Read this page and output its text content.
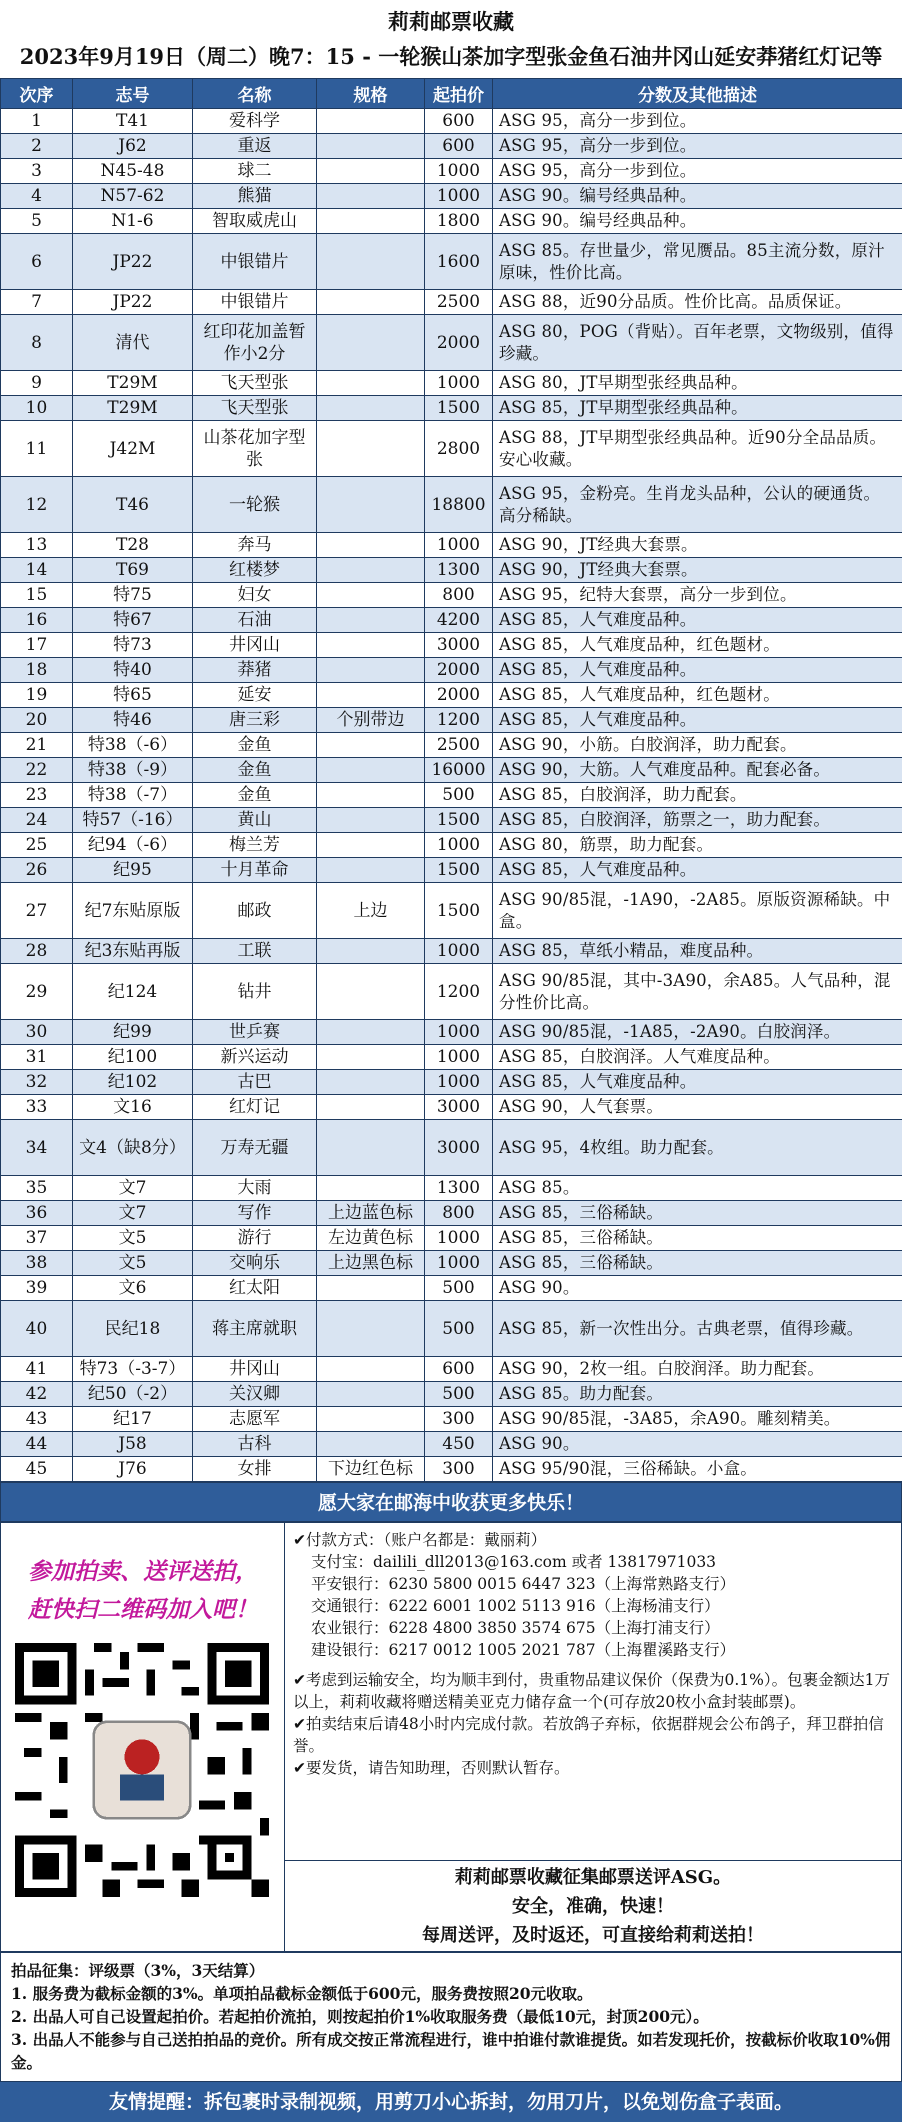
莉莉邮票收藏
2023年9月19日（周二）晚7：15 - 一轮猴山茶加字型张金鱼石油井冈山延安莽猪红灯记等
次序	志号	名称	规格	起拍价	分数及其他描述
1	T41	爱科学		600	ASG 95，高分一步到位。
2	J62	重返		600	ASG 95，高分一步到位。
3	N45-48	球二		1000	ASG 95，高分一步到位。
4	N57-62	熊猫		1000	ASG 90。编号经典品种。
5	N1-6	智取威虎山		1800	ASG 90。编号经典品种。
6	JP22	中银错片		1600	ASG 85。存世量少，常见赝品。85主流分数，原汁原味，性价比高。
7	JP22	中银错片		2500	ASG 88，近90分品质。性价比高。品质保证。
8	清代	红印花加盖暂作小2分		2000	ASG 80，POG（背贴）。百年老票，文物级别，值得珍藏。
9	T29M	飞天型张		1000	ASG 80，JT早期型张经典品种。
10	T29M	飞天型张		1500	ASG 85，JT早期型张经典品种。
11	J42M	山茶花加字型张		2800	ASG 88，JT早期型张经典品种。近90分全品品质。安心收藏。
12	T46	一轮猴		18800	ASG 95，金粉亮。生肖龙头品种，公认的硬通货。高分稀缺。
13	T28	奔马		1000	ASG 90，JT经典大套票。
14	T69	红楼梦		1300	ASG 90，JT经典大套票。
15	特75	妇女		800	ASG 95，纪特大套票，高分一步到位。
16	特67	石油		4200	ASG 85，人气难度品种。
17	特73	井冈山		3000	ASG 85，人气难度品种，红色题材。
18	特40	莽猪		2000	ASG 85，人气难度品种。
19	特65	延安		2000	ASG 85，人气难度品种，红色题材。
20	特46	唐三彩	个别带边	1200	ASG 85，人气难度品种。
21	特38（-6）	金鱼		2500	ASG 90，小筋。白胶润泽，助力配套。
22	特38（-9）	金鱼		16000	ASG 90，大筋。人气难度品种。配套必备。
23	特38（-7）	金鱼		500	ASG 85，白胶润泽，助力配套。
24	特57（-16）	黄山		1500	ASG 85，白胶润泽，筋票之一，助力配套。
25	纪94（-6）	梅兰芳		1000	ASG 80，筋票，助力配套。
26	纪95	十月革命		1500	ASG 85，人气难度品种。
27	纪7东贴原版	邮政	上边	1500	ASG 90/85混，-1A90，-2A85。原版资源稀缺。中盒。
28	纪3东贴再版	工联		1000	ASG 85，草纸小精品，难度品种。
29	纪124	钻井		1200	ASG 90/85混，其中-3A90，余A85。人气品种，混分性价比高。
30	纪99	世乒赛		1000	ASG 90/85混，-1A85，-2A90。白胶润泽。
31	纪100	新兴运动		1000	ASG 85，白胶润泽。人气难度品种。
32	纪102	古巴		1000	ASG 85，人气难度品种。
33	文16	红灯记		3000	ASG 90，人气套票。
34	文4（缺8分）	万寿无疆		3000	ASG 95，4枚组。助力配套。
35	文7	大雨		1300	ASG 85。
36	文7	写作	上边蓝色标	800	ASG 85，三俗稀缺。
37	文5	游行	左边黄色标	1000	ASG 85，三俗稀缺。
38	文5	交响乐	上边黑色标	1000	ASG 85，三俗稀缺。
39	文6	红太阳		500	ASG 90。
40	民纪18	蒋主席就职		500	ASG 85，新一次性出分。古典老票，值得珍藏。
41	特73（-3-7）	井冈山		600	ASG 90，2枚一组。白胶润泽。助力配套。
42	纪50（-2）	关汉卿		500	ASG 85。助力配套。
43	纪17	志愿军		300	ASG 90/85混，-3A85，余A90。雕刻精美。
44	J58	古科		450	ASG 90。
45	J76	女排	下边红色标	300	ASG 95/90混，三俗稀缺。小盒。
愿大家在邮海中收获更多快乐！
参加拍卖、送评送拍，
赶快扫二维码加入吧！
✔付款方式：（账户名都是：戴丽莉）
支付宝：dailili_dll2013@163.com 或者 13817971033
平安银行：6230 5800 0015 6447 323（上海常熟路支行）
交通银行：6222 6001 1002 5113 916（上海杨浦支行）
农业银行：6228 4800 3850 3574 675（上海打浦支行）
建设银行：6217 0012 1005 2021 787（上海瞿溪路支行）
✔考虑到运输安全，均为顺丰到付，贵重物品建议保价（保费为0.1%）。包裹金额达1万以上，莉莉收藏将赠送精美亚克力储存盒一个(可存放20枚小盒封装邮票)。
✔拍卖结束后请48小时内完成付款。若放鸽子弃标，依据群规会公布鸽子，拜卫群拍信誉。
✔要发货，请告知助理，否则默认暂存。
莉莉邮票收藏征集邮票送评ASG。
安全，准确，快速！
每周送评，及时返还，可直接给莉莉送拍！
拍品征集：评级票（3%，3天结算）
1. 服务费为截标金额的3%。单项拍品截标金额低于600元，服务费按照20元收取。
2. 出品人可自己设置起拍价。若起拍价流拍，则按起拍价1%收取服务费（最低10元，封顶200元）。
3. 出品人不能参与自己送拍拍品的竞价。所有成交按正常流程进行，谁中拍谁付款谁提货。如若发现托价，按截标价收取10%佣金。
友情提醒：拆包裹时录制视频，用剪刀小心拆封，勿用刀片，以免划伤盒子表面。
